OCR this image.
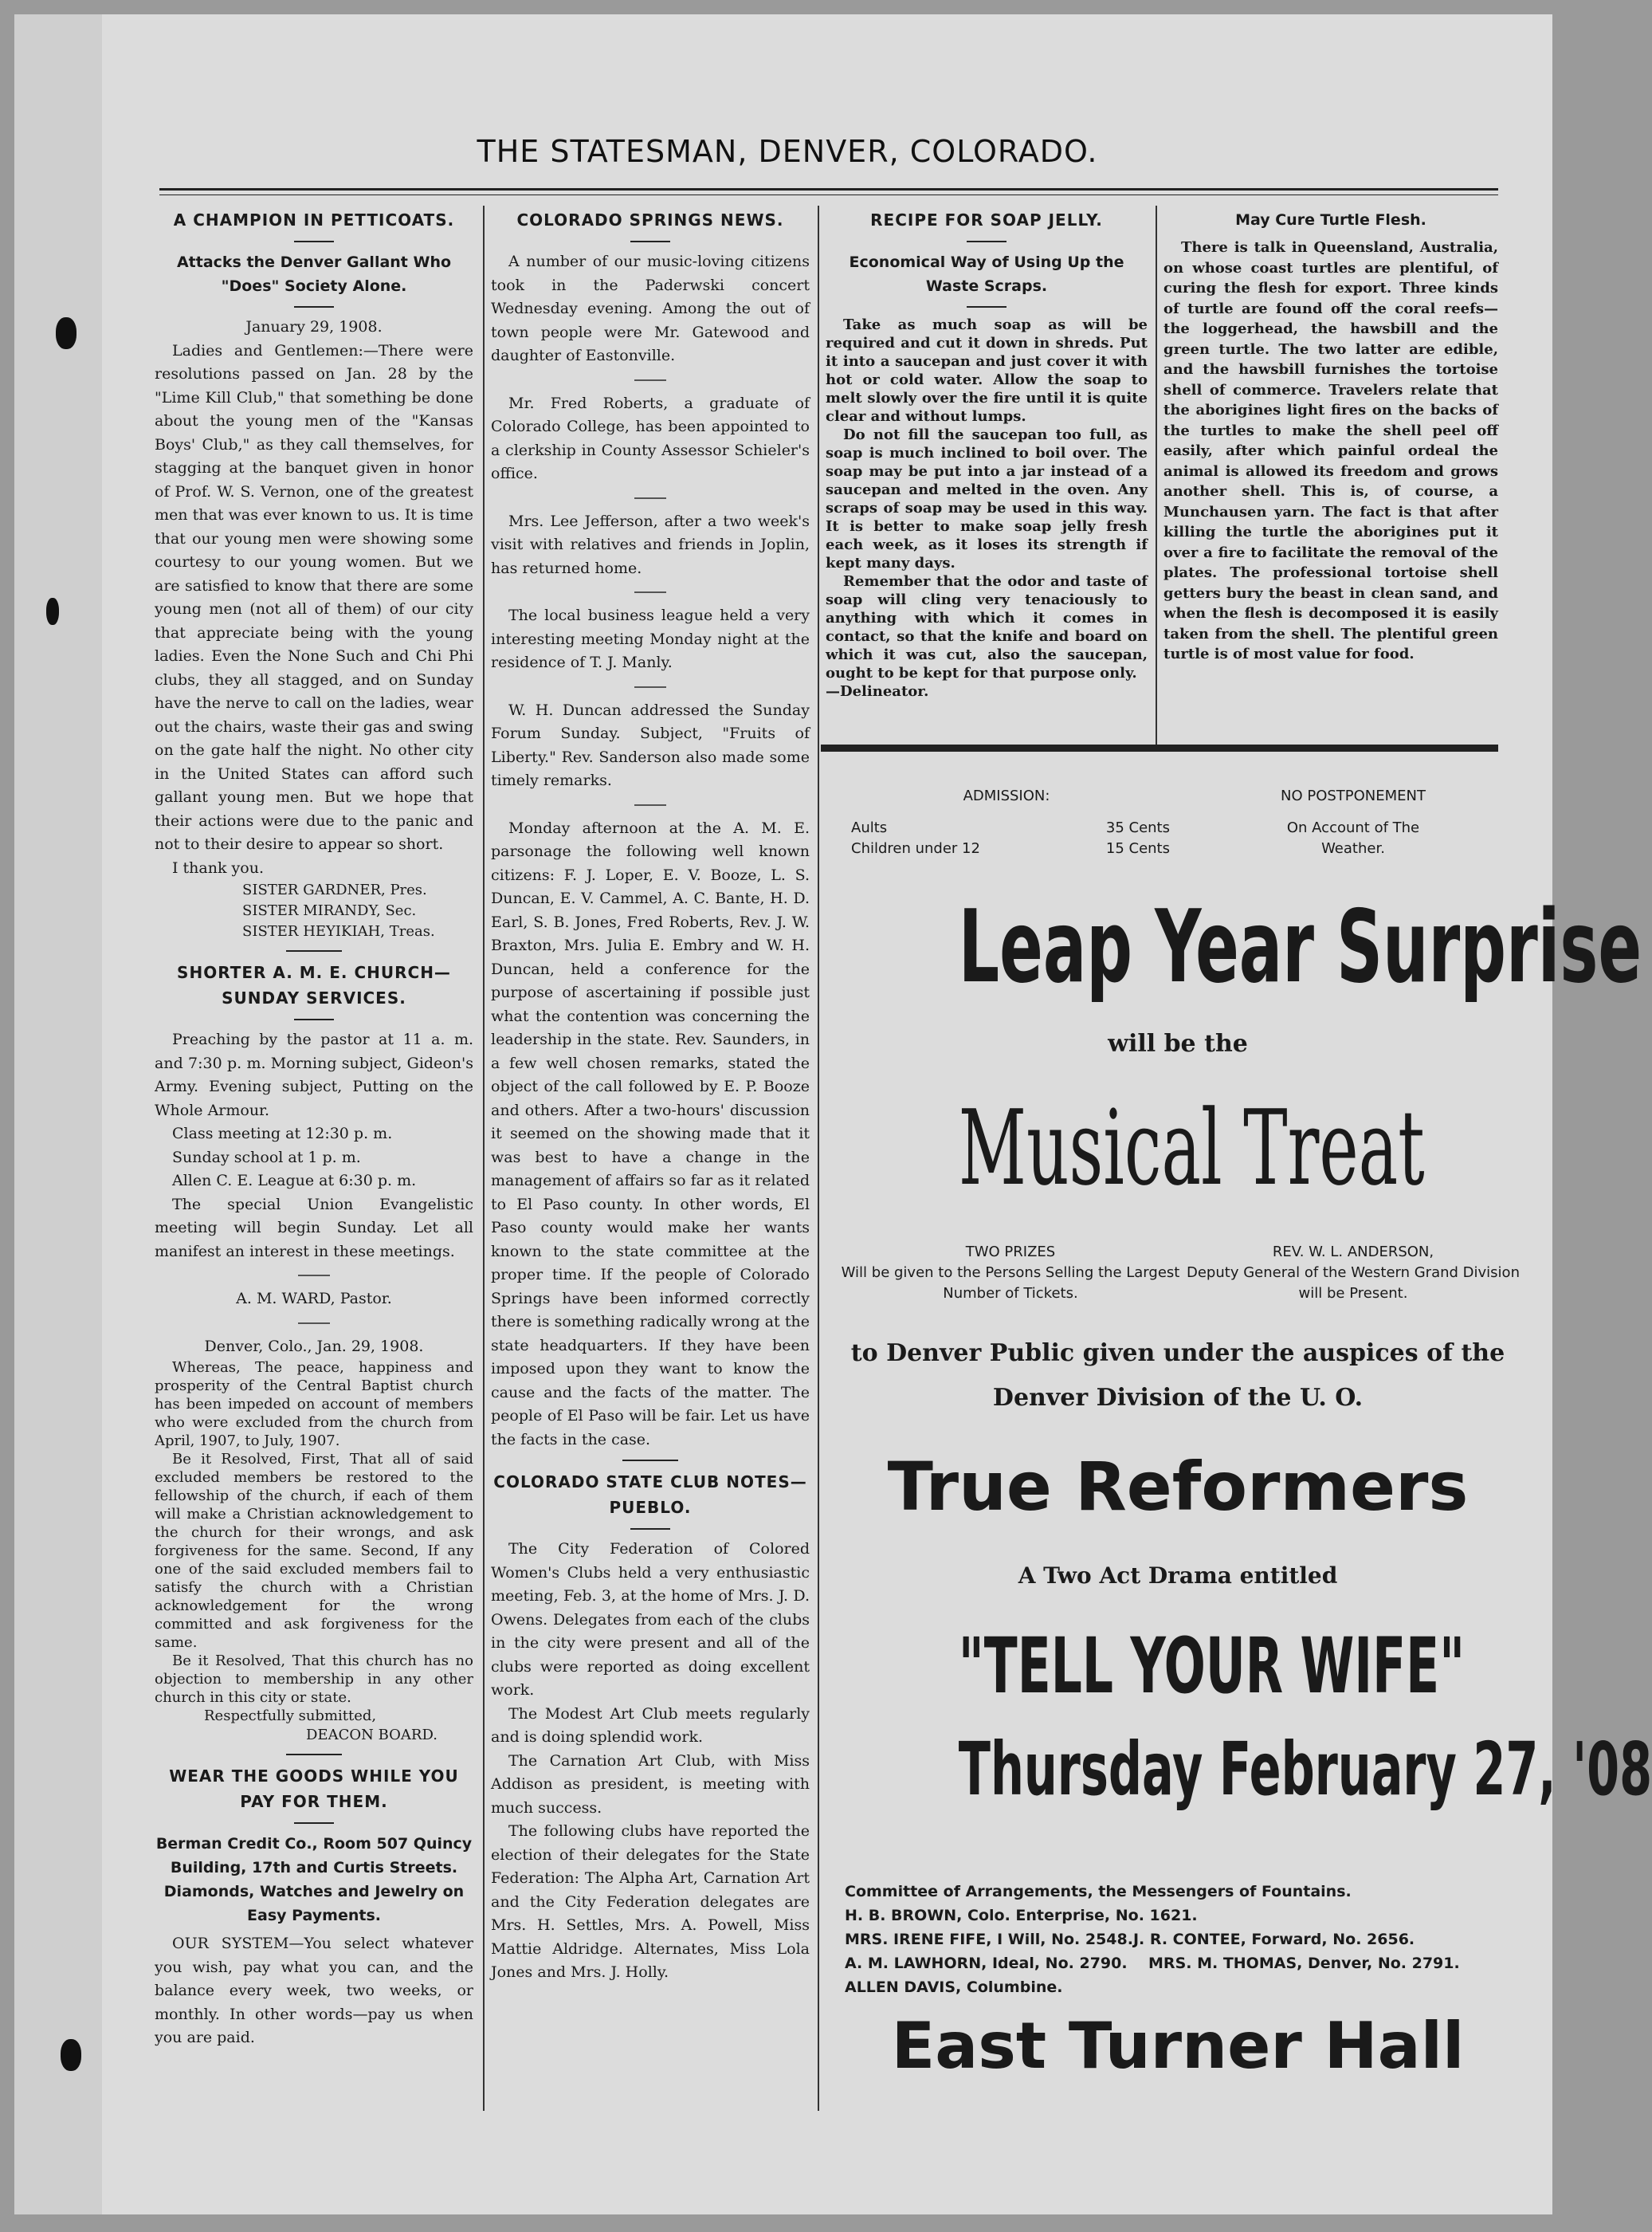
THE STATESMAN, DENVER, COLORADO.
A CHAMPION IN PETTICOATS.
Attacks the Denver Gallant Who "Does" Society Alone.

January 29, 1908.

Ladies and Gentlemen:—There were resolutions passed on Jan. 28 by the "Lime Kill Club," that something be done about the young men of the "Kansas Boys' Club," as they call themselves, for stagging at the banquet given in honor of Prof. W. S. Vernon, one of the greatest men that was ever known to us. It is time that our young men were showing some courtesy to our young women. But we are satisfied to know that there are some young men (not all of them) of our city that appreciate being with the young ladies. Even the None Such and Chi Phi clubs, they all stagged, and on Sunday have the nerve to call on the ladies, wear out the chairs, waste their gas and swing on the gate half the night. No other city in the United States can afford such gallant young men. But we hope that their actions were due to the panic and not to their desire to appear so short.

I thank you.

SISTER GARDNER, Pres.

SISTER MIRANDY, Sec.

SISTER HEYIKIAH, Treas.

SHORTER A. M. E. CHURCH—SUNDAY SERVICES.

Preaching by the pastor at 11 a. m. and 7:30 p. m. Morning subject, Gideon's Army. Evening subject, Putting on the Whole Armour.

Class meeting at 12:30 p. m.

Sunday school at 1 p. m.

Allen C. E. League at 6:30 p. m.

The special Union Evangelistic meeting will begin Sunday. Let all manifest an interest in these meetings.

A. M. WARD, Pastor.

Denver, Colo., Jan. 29, 1908.

Whereas, The peace, happiness and prosperity of the Central Baptist church has been impeded on account of members who were excluded from the church from April, 1907, to July, 1907.

Be it Resolved, First, That all of said excluded members be restored to the fellowship of the church, if each of them will make a Christian acknowledgement to the church for their wrongs, and ask forgiveness for the same. Second, If any one of the said excluded members fail to satisfy the church with a Christian acknowledgement for the wrong committed and ask forgiveness for the same.

Be it Resolved, That this church has no objection to membership in any other church in this city or state.

Respectfully submitted,

DEACON BOARD.

WEAR THE GOODS WHILE YOU PAY FOR THEM.
Berman Credit Co., Room 507 Quincy Building, 17th and Curtis Streets. Diamonds, Watches and Jewelry on Easy Payments.

OUR SYSTEM—You select whatever you wish, pay what you can, and the balance every week, two weeks, or monthly. In other words—pay us when you are paid.

COLORADO SPRINGS NEWS.

A number of our music-loving citizens took in the Paderwski concert Wednesday evening. Among the out of town people were Mr. Gatewood and daughter of Eastonville.

Mr. Fred Roberts, a graduate of Colorado College, has been appointed to a clerkship in County Assessor Schieler's office.

Mrs. Lee Jefferson, after a two week's visit with relatives and friends in Joplin, has returned home.

The local business league held a very interesting meeting Monday night at the residence of T. J. Manly.

W. H. Duncan addressed the Sunday Forum Sunday. Subject, "Fruits of Liberty." Rev. Sanderson also made some timely remarks.

Monday afternoon at the A. M. E. parsonage the following well known citizens: F. J. Loper, E. V. Booze, L. S. Duncan, E. V. Cammel, A. C. Bante, H. D. Earl, S. B. Jones, Fred Roberts, Rev. J. W. Braxton, Mrs. Julia E. Embry and W. H. Duncan, held a conference for the purpose of ascertaining if possible just what the contention was concerning the leadership in the state. Rev. Saunders, in a few well chosen remarks, stated the object of the call followed by E. P. Booze and others. After a two-hours' discussion it seemed on the showing made that it was best to have a change in the management of affairs so far as it related to El Paso county. In other words, El Paso county would make her wants known to the state committee at the proper time. If the people of Colorado Springs have been informed correctly there is something radically wrong at the state headquarters. If they have been imposed upon they want to know the cause and the facts of the matter. The people of El Paso will be fair. Let us have the facts in the case.

COLORADO STATE CLUB NOTES—PUEBLO.

The City Federation of Colored Women's Clubs held a very enthusiastic meeting, Feb. 3, at the home of Mrs. J. D. Owens. Delegates from each of the clubs in the city were present and all of the clubs were reported as doing excellent work.

The Modest Art Club meets regularly and is doing splendid work.

The Carnation Art Club, with Miss Addison as president, is meeting with much success.

The following clubs have reported the election of their delegates for the State Federation: The Alpha Art, Carnation Art and the City Federation delegates are Mrs. H. Settles, Mrs. A. Powell, Miss Mattie Aldridge. Alternates, Miss Lola Jones and Mrs. J. Holly.

RECIPE FOR SOAP JELLY.
Economical Way of Using Up the Waste Scraps.

Take as much soap as will be required and cut it down in shreds. Put it into a saucepan and just cover it with hot or cold water. Allow the soap to melt slowly over the fire until it is quite clear and without lumps.

Do not fill the saucepan too full, as soap is much inclined to boil over. The soap may be put into a jar instead of a saucepan and melted in the oven. Any scraps of soap may be used in this way. It is better to make soap jelly fresh each week, as it loses its strength if kept many days.

Remember that the odor and taste of soap will cling very tenaciously to anything with which it comes in contact, so that the knife and board on which it was cut, also the saucepan, ought to be kept for that purpose only.

—Delineator.

May Cure Turtle Flesh.

There is talk in Queensland, Australia, on whose coast turtles are plentiful, of curing the flesh for export. Three kinds of turtle are found off the coral reefs—the loggerhead, the hawsbill and the green turtle. The two latter are edible, and the hawsbill furnishes the tortoise shell of commerce. Travelers relate that the aborigines light fires on the backs of the turtles to make the shell peel off easily, after which painful ordeal the animal is allowed its freedom and grows another shell. This is, of course, a Munchausen yarn. The fact is that after killing the turtle the aborigines put it over a fire to facilitate the removal of the plates. The professional tortoise shell getters bury the beast in clean sand, and when the flesh is decomposed it is easily taken from the shell. The plentiful green turtle is of most value for food.

ADMISSION:
Aults	35 Cents
Children under 12	15 Cents
NO POSTPONEMENT
On Account of The Weather.
Leap Year Surprise
will be the
Musical Treat
TWO PRIZES
Will be given to the Persons Selling the Largest Number of Tickets.
REV. W. L. ANDERSON,
Deputy General of the Western Grand Division will be Present.
to Denver Public given under the auspices of the
Denver Division of the U. O.
True Reformers
A Two Act Drama entitled
"TELL YOUR WIFE"
Thursday February 27, '08
Committee of Arrangements, the Messengers of Fountains.
H. B. BROWN, Colo. Enterprise, No. 1621.
MRS. IRENE FIFE, I Will, No. 2548.J. R. CONTEE, Forward, No. 2656.
A. M. LAWHORN, Ideal, No. 2790.    MRS. M. THOMAS, Denver, No. 2791.
ALLEN DAVIS, Columbine.
East Turner Hall
